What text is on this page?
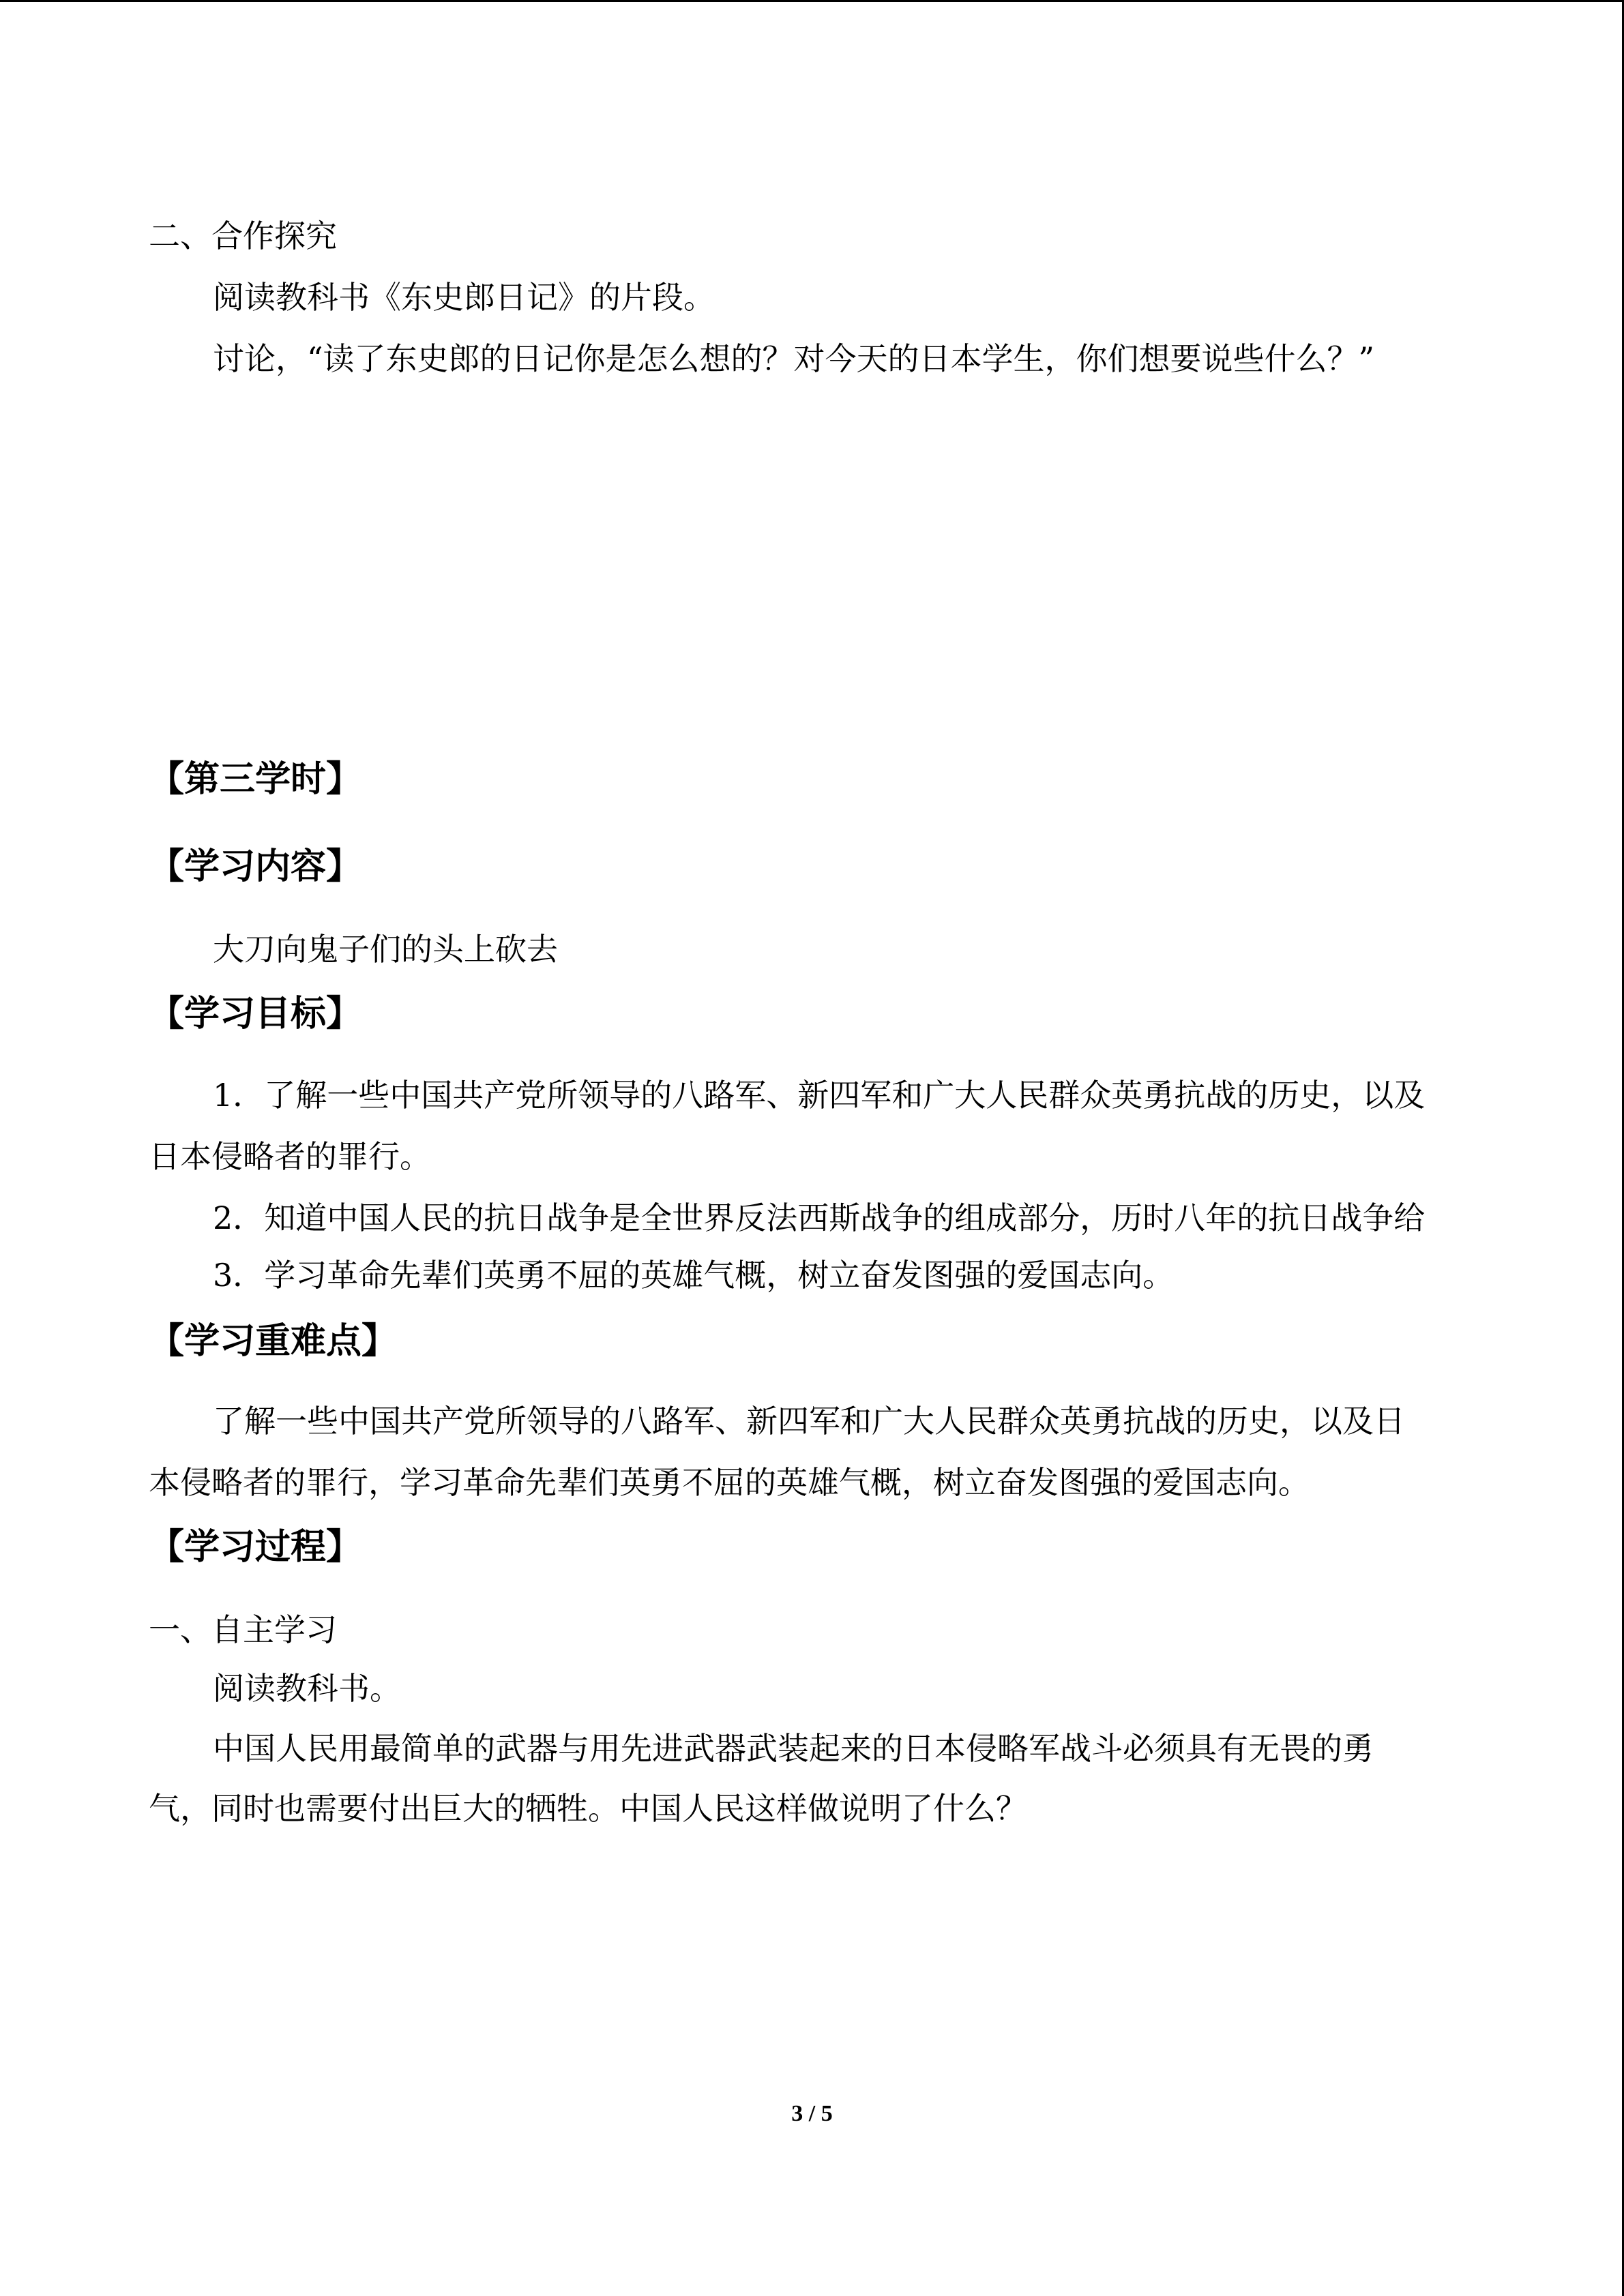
二、合作探究
阅读教科书《东史郎日记》的片段。
讨论，“读了东史郎的日记你是怎么想的？对今天的日本学生，你们想要说些什么？”
【第三学时】
【学习内容】
大刀向鬼子们的头上砍去
【学习目标】
1．了解一些中国共产党所领导的八路军、新四军和广大人民群众英勇抗战的历史，以及
日本侵略者的罪行。
2．知道中国人民的抗日战争是全世界反法西斯战争的组成部分，历时八年的抗日战争给
3．学习革命先辈们英勇不屈的英雄气概，树立奋发图强的爱国志向。
【学习重难点】
了解一些中国共产党所领导的八路军、新四军和广大人民群众英勇抗战的历史，以及日
本侵略者的罪行，学习革命先辈们英勇不屈的英雄气概，树立奋发图强的爱国志向。
【学习过程】
一、自主学习
阅读教科书。
中国人民用最简单的武器与用先进武器武装起来的日本侵略军战斗必须具有无畏的勇
气，同时也需要付出巨大的牺牲。中国人民这样做说明了什么？
3 / 5
